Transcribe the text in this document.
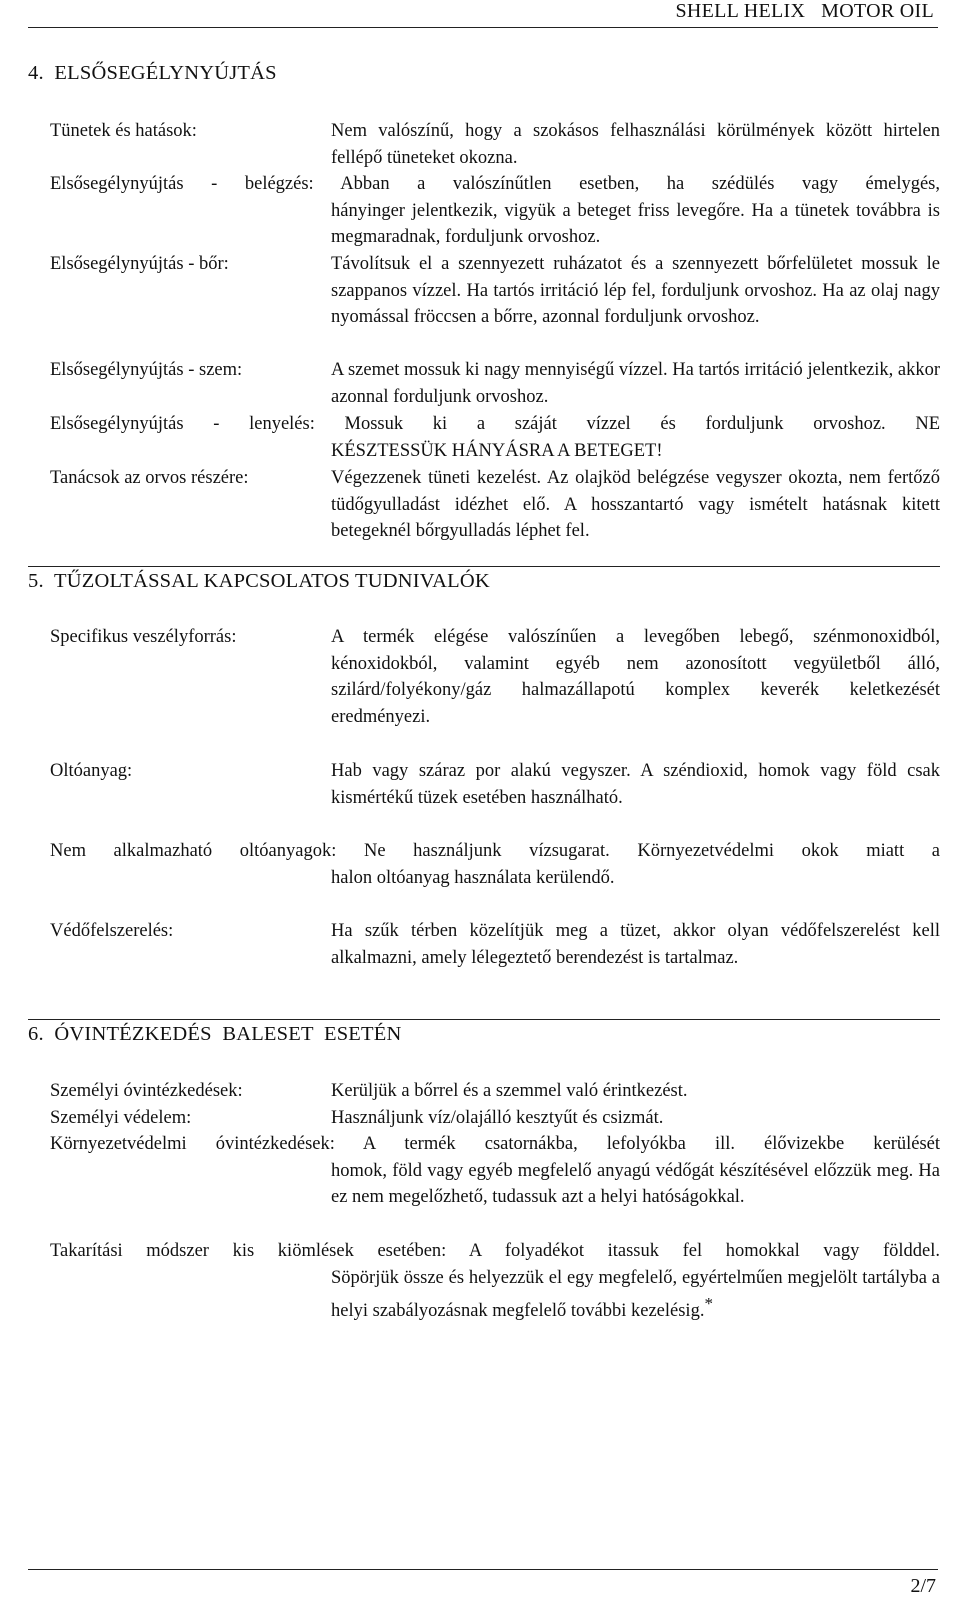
SHELL HELIX   MOTOR OIL
4.  ELSŐSEGÉLYNYÚJTÁS
Tünetek és hatások:	Nem valószínű, hogy a szokásos felhasználási körülmények között hirtelen fellépő tüneteket okozna.
Elsősegélynyújtás - belégzés: Abban a valószínűtlen esetben, ha szédülés vagy émelygés,
hányinger jelentkezik, vigyük a beteget friss levegőre. Ha a tünetek továbbra is megmaradnak, forduljunk orvoshoz.
Elsősegélynyújtás - bőr:	Távolítsuk el a szennyezett ruházatot és a szennyezett bőrfelületet mossuk le szappanos vízzel. Ha tartós irritáció lép fel, forduljunk orvoshoz. Ha az olaj nagy nyomással fröccsen a bőrre, azonnal forduljunk orvoshoz.
Elsősegélynyújtás - szem:	A szemet mossuk ki nagy mennyiségű vízzel. Ha tartós irritáció jelentkezik, akkor azonnal forduljunk orvoshoz.
Elsősegélynyújtás - lenyelés: Mossuk ki a száját vízzel és forduljunk orvoshoz. NE
KÉSZTESSÜK HÁNYÁSRA A BETEGET!
Tanácsok az orvos részére:	Végezzenek tüneti kezelést. Az olajköd belégzése vegyszer okozta, nem fertőző tüdőgyulladást idézhet elő. A hosszantartó vagy ismételt hatásnak kitett betegeknél bőrgyulladás léphet fel.
5.  TŰZOLTÁSSAL KAPCSOLATOS TUDNIVALÓK
Specifikus veszélyforrás:	A termék elégése valószínűen a levegőben lebegő, szénmonoxidból, kénoxidokból, valamint egyéb nem azonosított vegyületből álló, szilárd/folyékony/gáz halmazállapotú komplex keverék keletkezését eredményezi.
Oltóanyag:	Hab vagy száraz por alakú vegyszer. A széndioxid, homok vagy föld csak kismértékű tüzek esetében használható.
Nem alkalmazható oltóanyagok: Ne használjunk vízsugarat. Környezetvédelmi okok miatt a
halon oltóanyag használata kerülendő.
Védőfelszerelés:	Ha szűk térben közelítjük meg a tüzet, akkor olyan védőfelszerelést kell alkalmazni, amely lélegeztető berendezést is tartalmaz.
6.  ÓVINTÉZKEDÉS  BALESET  ESETÉN
Személyi óvintézkedések:	Kerüljük a bőrrel és a szemmel való érintkezést.
Személyi védelem:	Használjunk víz/olajálló kesztyűt és csizmát.
Környezetvédelmi óvintézkedések: A termék csatornákba, lefolyókba ill. élővizekbe kerülését
homok, föld vagy egyéb megfelelő anyagú védőgát készítésével előzzük meg. Ha ez nem megelőzhető, tudassuk azt a helyi hatóságokkal.
Takarítási módszer kis kiömlések esetében: A folyadékot itassuk fel homokkal vagy földdel.
Söpörjük össze és helyezzük el egy megfelelő, egyértelműen megjelölt tartályba a helyi szabályozásnak megfelelő további kezelésig.*
2/7
